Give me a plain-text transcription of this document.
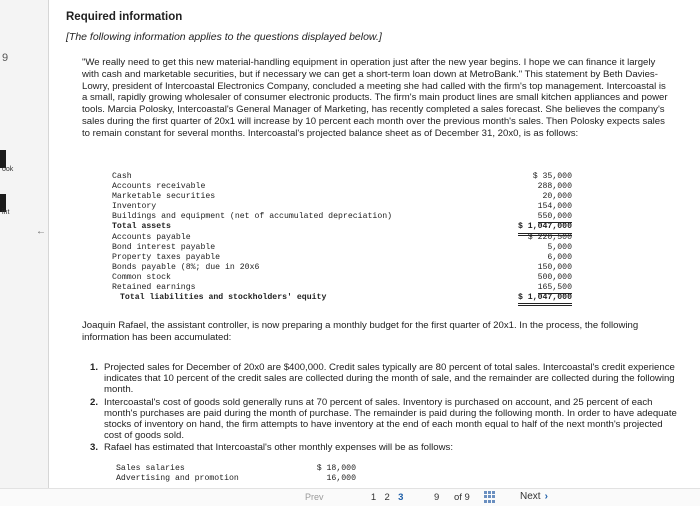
9
ook
int
←
Required information
[The following information applies to the questions displayed below.]

"We really need to get this new material-handling equipment in operation just after the new year begins. I hope we can finance it largely with cash and marketable securities, but if necessary we can get a short-term loan down at MetroBank." This statement by Beth Davies-Lowry, president of Intercoastal Electronics Company, concluded a meeting she had called with the firm's top management. Intercoastal is a small, rapidly growing wholesaler of consumer electronic products. The firm's main product lines are small kitchen appliances and power tools. Marcia Polosky, Intercoastal's General Manager of Marketing, has recently completed a sales forecast. She believes the company's sales during the first quarter of 20x1 will increase by 10 percent each month over the previous month's sales. Then Polosky expects sales to remain constant for several months. Intercoastal's projected balance sheet as of December 31, 20x0, is as follows:

Cash	$ 35,000
Accounts receivable	288,000
Marketable securities	20,000
Inventory	154,000
Buildings and equipment (net of accumulated depreciation)	550,000
Total assets	$ 1,047,000
Accounts payable	$ 220,500
Bond interest payable	5,000
Property taxes payable	6,000
Bonds payable (8%; due in 20x6	150,000
Common stock	500,000
Retained earnings	165,500
Total liabilities and stockholders' equity	$ 1,047,000

Joaquin Rafael, the assistant controller, is now preparing a monthly budget for the first quarter of 20x1. In the process, the following information has been accumulated:

1. Projected sales for December of 20x0 are $400,000. Credit sales typically are 80 percent of total sales. Intercoastal's credit experience indicates that 10 percent of the credit sales are collected during the month of sale, and the remainder are collected during the following month.
2. Intercoastal's cost of goods sold generally runs at 70 percent of sales. Inventory is purchased on account, and 25 percent of each month's purchases are paid during the month of purchase. The remainder is paid during the following month. In order to have adequate stocks of inventory on hand, the firm attempts to have inventory at the end of each month equal to half of the next month's projected cost of goods sold.
3. Rafael has estimated that Intercoastal's other monthly expenses will be as follows:
Sales salaries	$ 18,000
Advertising and promotion	16,000
Prev	1 2 3	9 of 9	Next ›
